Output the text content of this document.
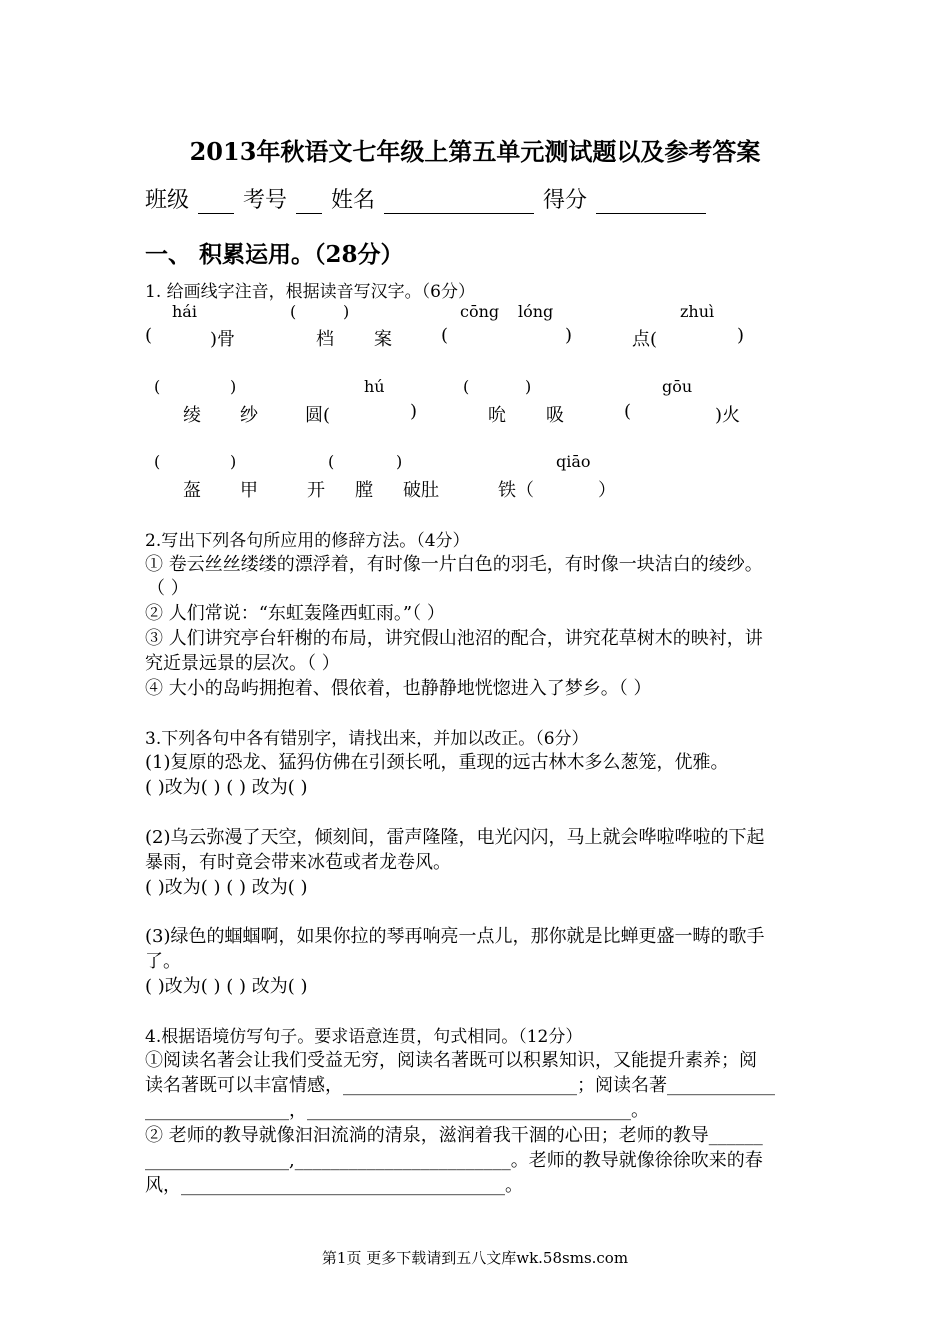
2013年秋语文七年级上第五单元测试题以及参考答案
班级 考号 姓名	得分
一、 积累运用。（28分）
1. 给画线字注音，根据读音写汉字。（6分）
hái	(	)	cōng lóng	zhuì
(	)骨	档 案	(	)	点(	)
(	)	hú	(	)	gōu
绫 纱	圆(	)	吮 吸	(	)火
(	)	(	)	qiāo
盔 甲	开 膛 破肚	铁（	）
2.写出下列各句所应用的修辞方法。（4分）
① 卷云丝丝缕缕的漂浮着，有时像一片白色的羽毛，有时像一块洁白的绫纱。
（ ）
② 人们常说：“东虹轰隆西虹雨。”（ ）
③ 人们讲究亭台轩榭的布局，讲究假山池沼的配合，讲究花草树木的映衬，讲
究近景远景的层次。（ ）
④ 大小的岛屿拥抱着、偎依着，也静静地恍惚进入了梦乡。（ ）
3.下列各句中各有错别字，请找出来，并加以改正。（6分）
(1)复原的恐龙、猛犸仿佛在引颈长吼，重现的远古林木多么葱笼，优雅。
( )改为( ) ( ) 改为( )
(2)乌云弥漫了天空，倾刻间，雷声隆隆，电光闪闪，马上就会哗啦哗啦的下起
暴雨，有时竟会带来冰苞或者龙卷风。
( )改为( ) ( ) 改为( )
(3)绿色的蝈蝈啊，如果你拉的琴再响亮一点儿，那你就是比蝉更盛一畴的歌手
了。
( )改为( ) ( ) 改为( )
4.根据语境仿写句子。要求语意连贯，句式相同。（12分）
①阅读名著会让我们受益无穷，阅读名著既可以积累知识，又能提升素养；阅
读名著既可以丰富情感，__________________________；阅读名著____________
________________，____________________________________。
② 老师的教导就像汩汩流淌的清泉，滋润着我干涸的心田；老师的教导______
________________,________________________。老师的教导就像徐徐吹来的春
风，____________________________________。
第1页 更多下载请到五八文库wk.58sms.com
